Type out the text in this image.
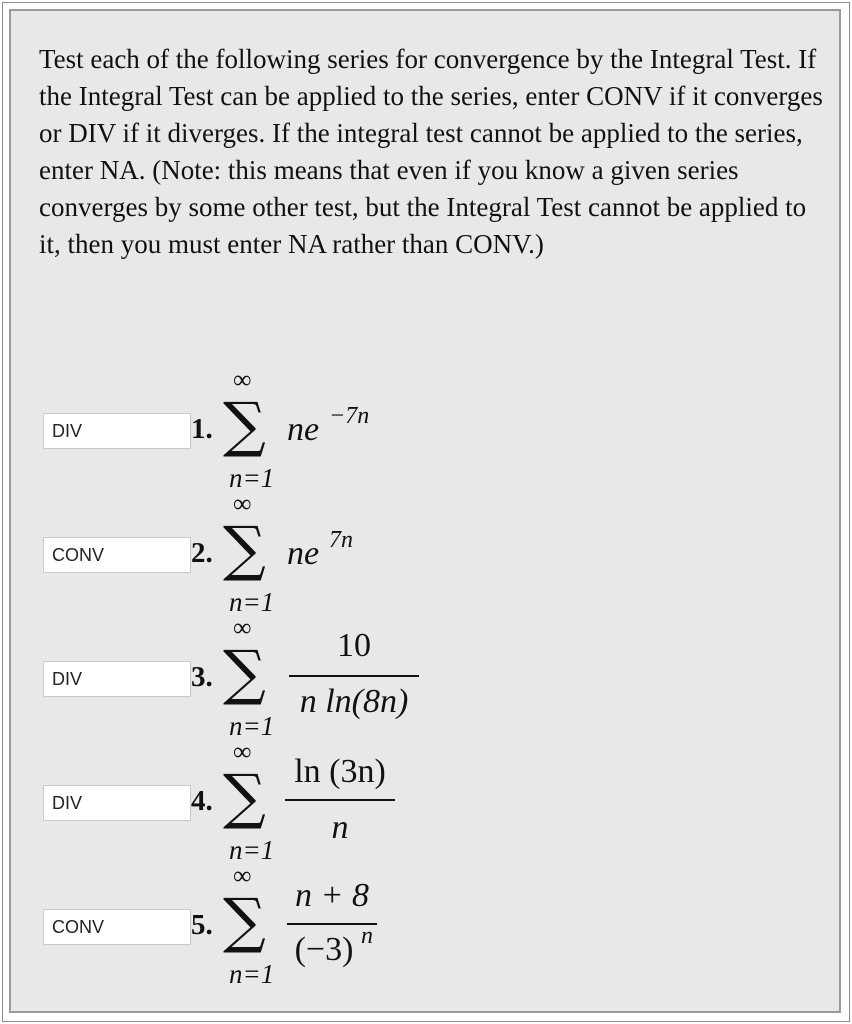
Test each of the following series for convergence by the Integral Test. If the Integral Test can be applied to the series, enter CONV if it converges or DIV if it diverges. If the integral test cannot be applied to the series, enter NA. (Note: this means that even if you know a given series converges by some other test, but the Integral Test cannot be applied to it, then you must enter NA rather than CONV.)

DIV
1.
∞
∑
n=1
ne −7n
CONV
2.
∞
∑
n=1
ne 7n
DIV
3.
∞
∑
n=1
10
n ln(8n)
DIV
4.
∞
∑
n=1
ln (3n)
n
CONV
5.
∞
∑
n=1
n + 8
(−3) n
